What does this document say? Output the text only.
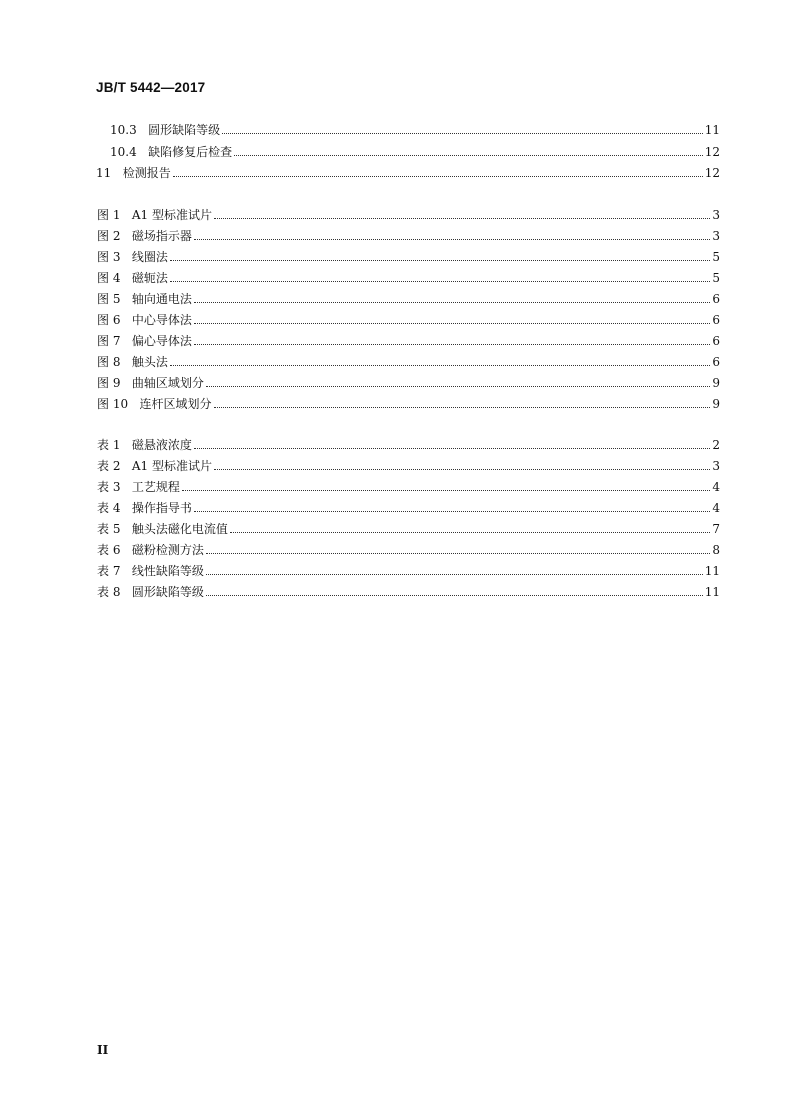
JB/T 5442—2017
10.3   圆形缺陷等级	11
10.4   缺陷修复后检查	12
11   检测报告	12
图 1   A1 型标准试片	3
图 2   磁场指示器	3
图 3   线圈法	5
图 4   磁轭法	5
图 5   轴向通电法	6
图 6   中心导体法	6
图 7   偏心导体法	6
图 8   触头法	6
图 9   曲轴区域划分	9
图 10   连杆区域划分	9
表 1   磁悬液浓度	2
表 2   A1 型标准试片	3
表 3   工艺规程	4
表 4   操作指导书	4
表 5   触头法磁化电流值	7
表 6   磁粉检测方法	8
表 7   线性缺陷等级	11
表 8   圆形缺陷等级	11
II
